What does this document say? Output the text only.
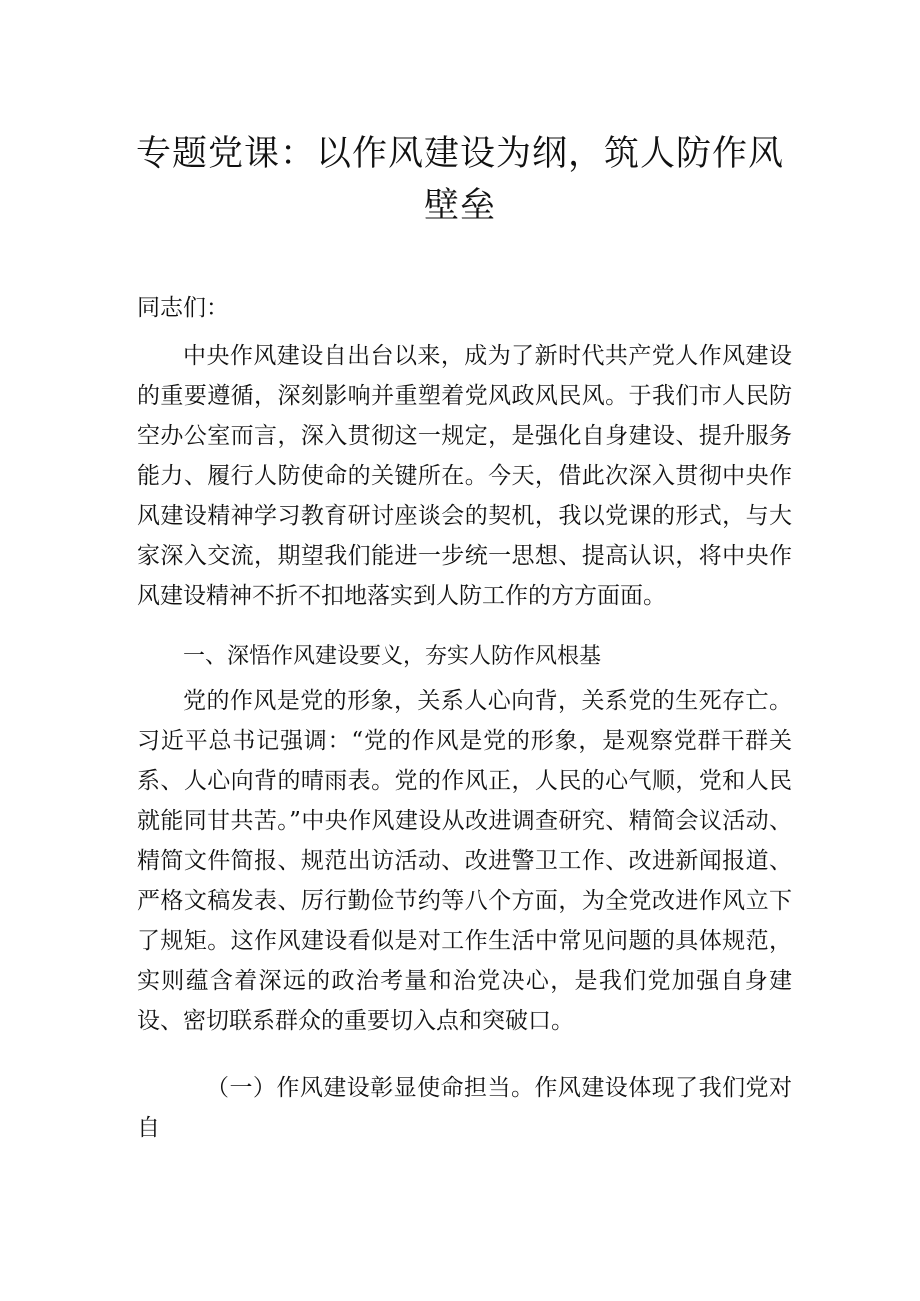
专题党课：以作风建设为纲，筑人防作风
壁垒

同志们：

中央作风建设自出台以来，成为了新时代共产党人作风建设的重要遵循，深刻影响并重塑着党风政风民风。于我们市人民防空办公室而言，深入贯彻这一规定，是强化自身建设、提升服务能力、履行人防使命的关键所在。今天，借此次深入贯彻中央作风建设精神学习教育研讨座谈会的契机，我以党课的形式，与大家深入交流，期望我们能进一步统一思想、提高认识，将中央作风建设精神不折不扣地落实到人防工作的方方面面。

一、深悟作风建设要义，夯实人防作风根基

党的作风是党的形象，关系人心向背，关系党的生死存亡。习近平总书记强调：“党的作风是党的形象，是观察党群干群关系、人心向背的晴雨表。党的作风正，人民的心气顺，党和人民就能同甘共苦。”中央作风建设从改进调查研究、精简会议活动、精简文件简报、规范出访活动、改进警卫工作、改进新闻报道、严格文稿发表、厉行勤俭节约等八个方面，为全党改进作风立下了规矩。这作风建设看似是对工作生活中常见问题的具体规范，实则蕴含着深远的政治考量和治党决心，是我们党加强自身建设、密切联系群众的重要切入点和突破口。

（一）作风建设彰显使命担当。作风建设体现了我们党对自
